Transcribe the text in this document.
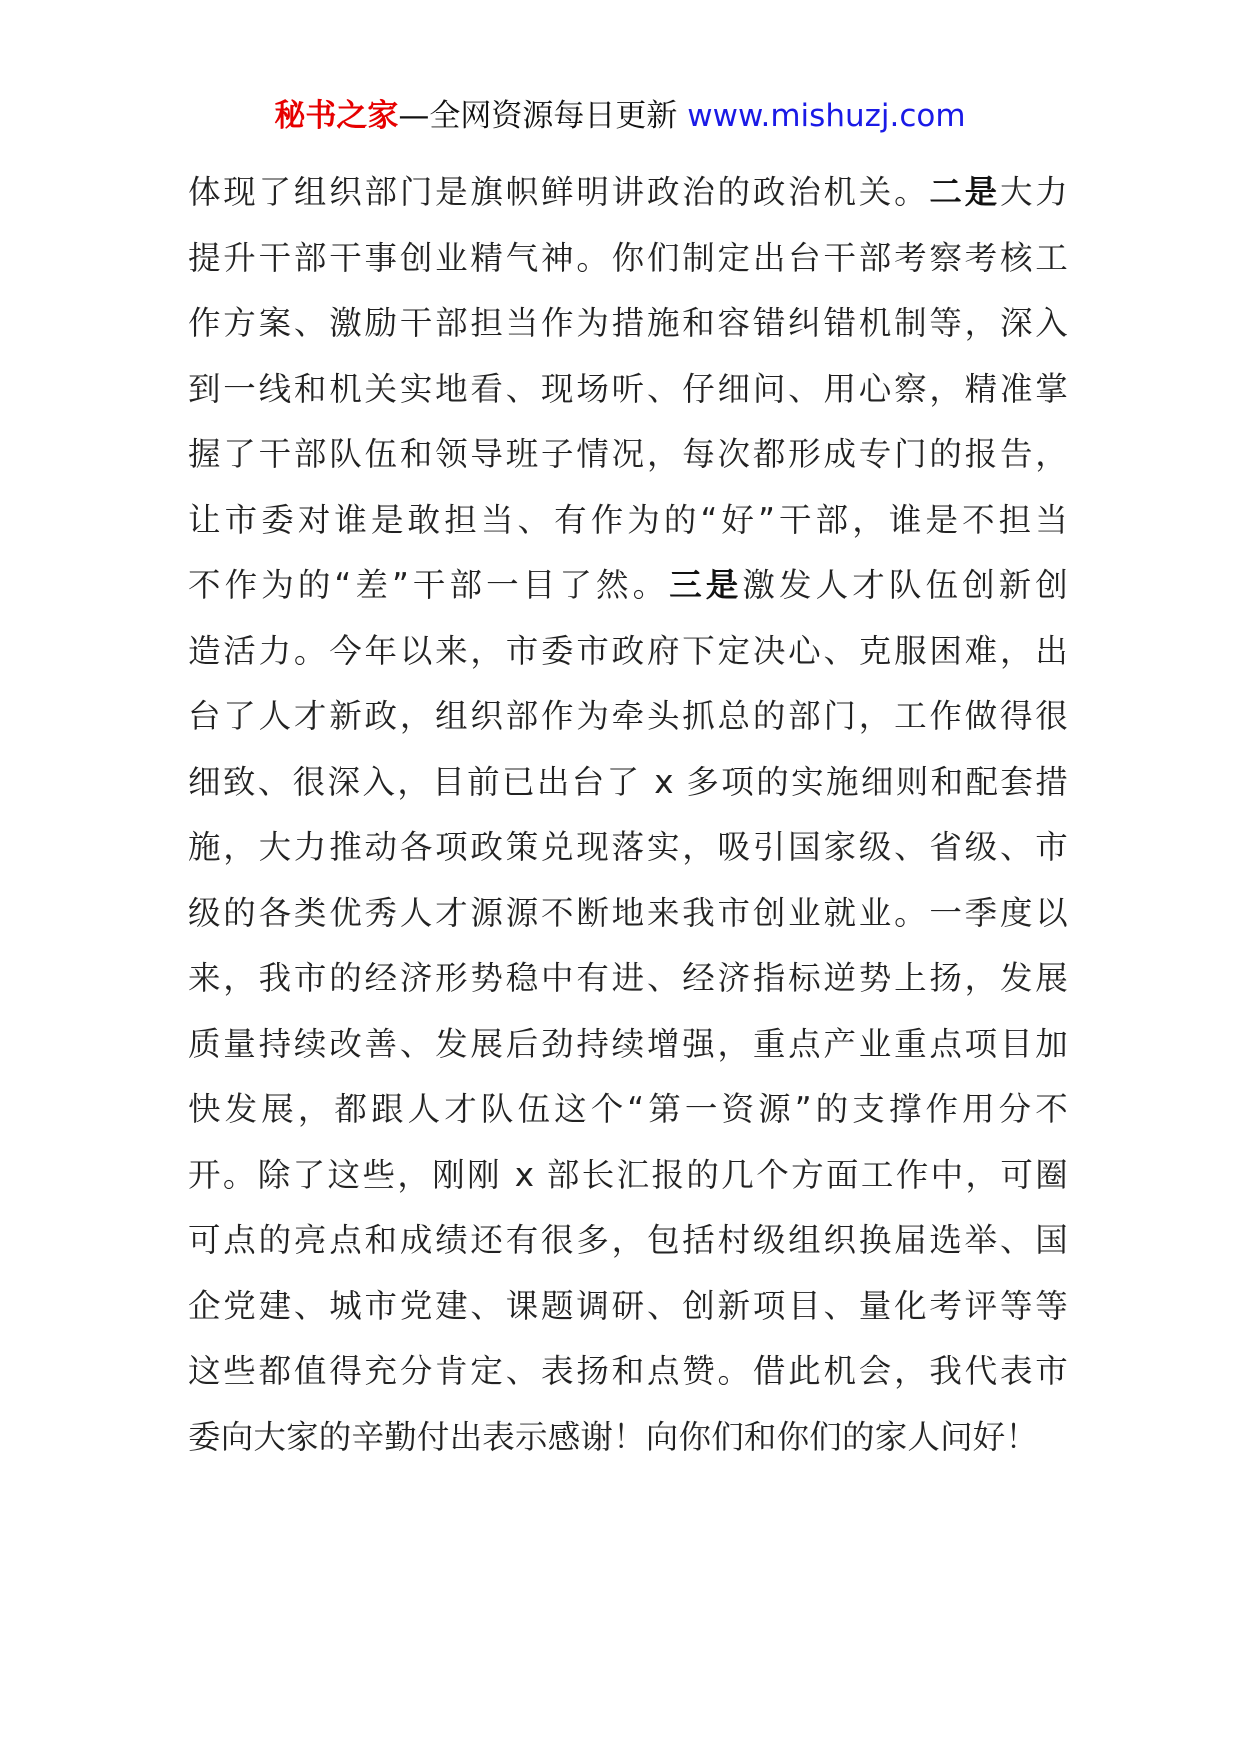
秘书之家—全网资源每日更新 www.mishuzj.com
体现了组织部门是旗帜鲜明讲政治的政治机关。二是大力
提升干部干事创业精气神。你们制定出台干部考察考核工
作方案、激励干部担当作为措施和容错纠错机制等，深入
到一线和机关实地看、现场听、仔细问、用心察，精准掌
握了干部队伍和领导班子情况，每次都形成专门的报告，
让市委对谁是敢担当、有作为的“好”干部，谁是不担当
不作为的“差”干部一目了然。三是激发人才队伍创新创
造活力。今年以来，市委市政府下定决心、克服困难，出
台了人才新政，组织部作为牵头抓总的部门，工作做得很
细致、很深入，目前已出台了 x 多项的实施细则和配套措
施，大力推动各项政策兑现落实，吸引国家级、省级、市
级的各类优秀人才源源不断地来我市创业就业。一季度以
来，我市的经济形势稳中有进、经济指标逆势上扬，发展
质量持续改善、发展后劲持续增强，重点产业重点项目加
快发展，都跟人才队伍这个“第一资源”的支撑作用分不
开。除了这些，刚刚 x 部长汇报的几个方面工作中，可圈
可点的亮点和成绩还有很多，包括村级组织换届选举、国
企党建、城市党建、课题调研、创新项目、量化考评等等
这些都值得充分肯定、表扬和点赞。借此机会，我代表市
委向大家的辛勤付出表示感谢！向你们和你们的家人问好！
